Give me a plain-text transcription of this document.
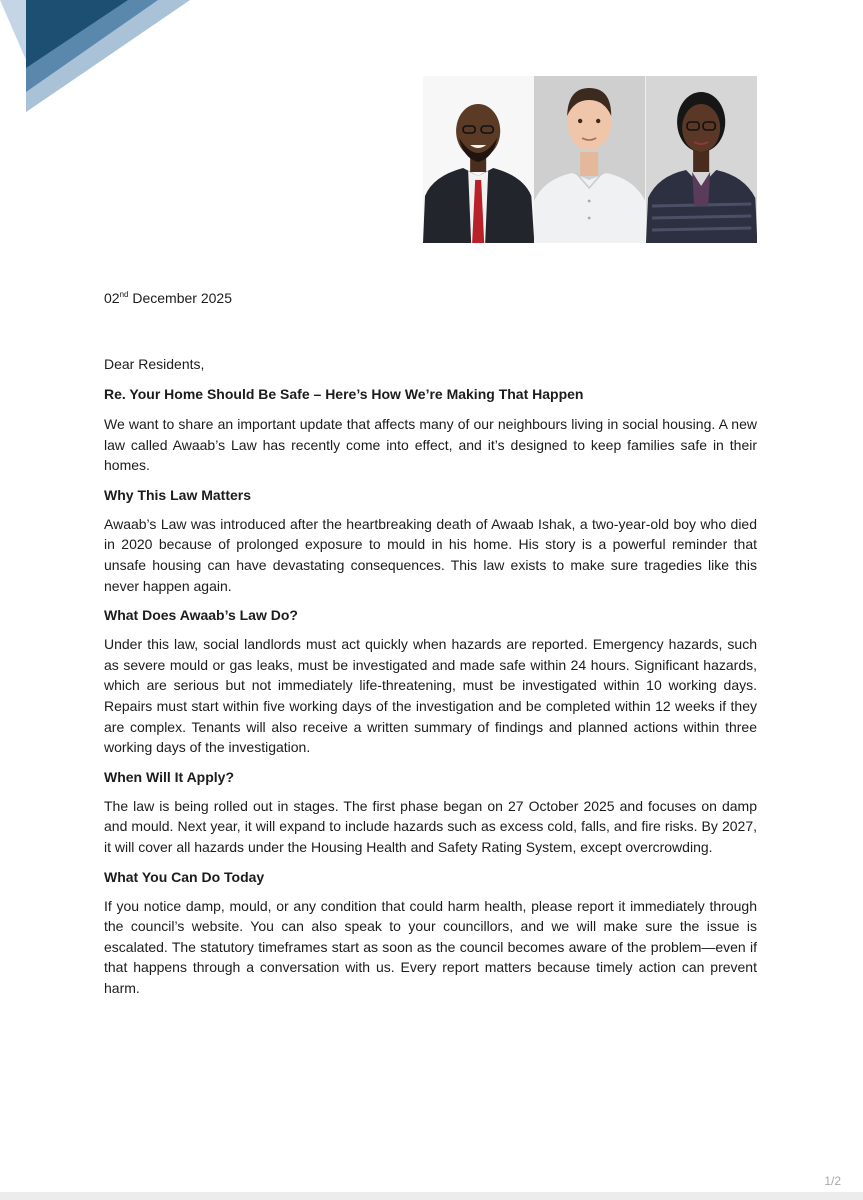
02nd December 2025

Dear Residents,

Re. Your Home Should Be Safe – Here’s How We’re Making That Happen

We want to share an important update that affects many of our neighbours living in social housing. A new law called Awaab’s Law has recently come into effect, and it’s designed to keep families safe in their homes.

Why This Law Matters

Awaab’s Law was introduced after the heartbreaking death of Awaab Ishak, a two-year-old boy who died in 2020 because of prolonged exposure to mould in his home. His story is a powerful reminder that unsafe housing can have devastating consequences. This law exists to make sure tragedies like this never happen again.

What Does Awaab’s Law Do?

Under this law, social landlords must act quickly when hazards are reported. Emergency hazards, such as severe mould or gas leaks, must be investigated and made safe within 24 hours. Significant hazards, which are serious but not immediately life-threatening, must be investigated within 10 working days. Repairs must start within five working days of the investigation and be completed within 12 weeks if they are complex. Tenants will also receive a written summary of findings and planned actions within three working days of the investigation.

When Will It Apply?

The law is being rolled out in stages. The first phase began on 27 October 2025 and focuses on damp and mould. Next year, it will expand to include hazards such as excess cold, falls, and fire risks. By 2027, it will cover all hazards under the Housing Health and Safety Rating System, except overcrowding.

What You Can Do Today

If you notice damp, mould, or any condition that could harm health, please report it immediately through the council’s website. You can also speak to your councillors, and we will make sure the issue is escalated. The statutory timeframes start as soon as the council becomes aware of the problem—even if that happens through a conversation with us. Every report matters because timely action can prevent harm.

1/2
